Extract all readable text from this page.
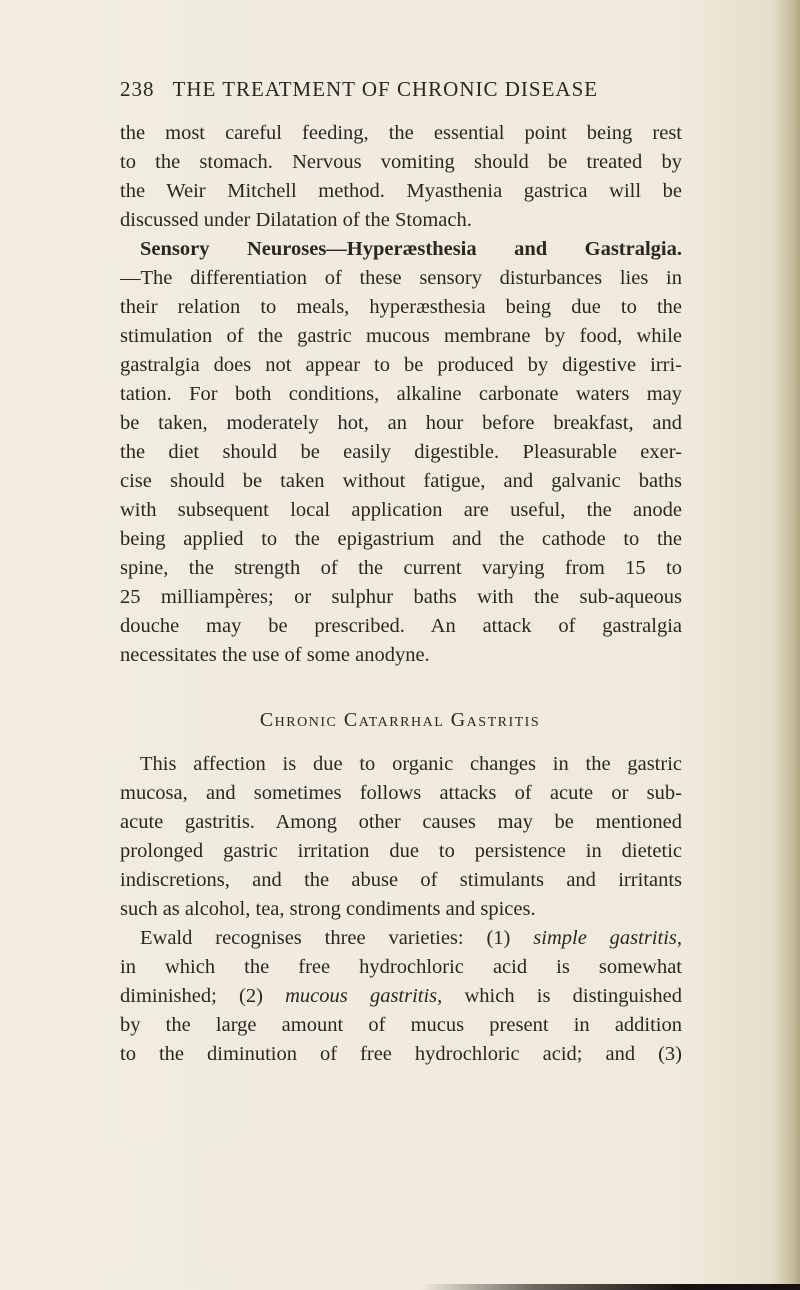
238 THE TREATMENT OF CHRONIC DISEASE
the most careful feeding, the essential point being rest
to the stomach. Nervous vomiting should be treated by
the Weir Mitchell method. Myasthenia gastrica will be
discussed under Dilatation of the Stomach.
Sensory Neuroses—Hyperæsthesia and Gastralgia.
—The differentiation of these sensory disturbances lies in
their relation to meals, hyperæsthesia being due to the
stimulation of the gastric mucous membrane by food, while
gastralgia does not appear to be produced by digestive irri-
tation. For both conditions, alkaline carbonate waters may
be taken, moderately hot, an hour before breakfast, and
the diet should be easily digestible. Pleasurable exer-
cise should be taken without fatigue, and galvanic baths
with subsequent local application are useful, the anode
being applied to the epigastrium and the cathode to the
spine, the strength of the current varying from 15 to
25 milliampères; or sulphur baths with the sub-aqueous
douche may be prescribed. An attack of gastralgia
necessitates the use of some anodyne.
Chronic Catarrhal Gastritis
This affection is due to organic changes in the gastric
mucosa, and sometimes follows attacks of acute or sub-
acute gastritis. Among other causes may be mentioned
prolonged gastric irritation due to persistence in dietetic
indiscretions, and the abuse of stimulants and irritants
such as alcohol, tea, strong condiments and spices.
Ewald recognises three varieties: (1) simple gastritis,
in which the free hydrochloric acid is somewhat
diminished; (2) mucous gastritis, which is distinguished
by the large amount of mucus present in addition
to the diminution of free hydrochloric acid; and (3)
